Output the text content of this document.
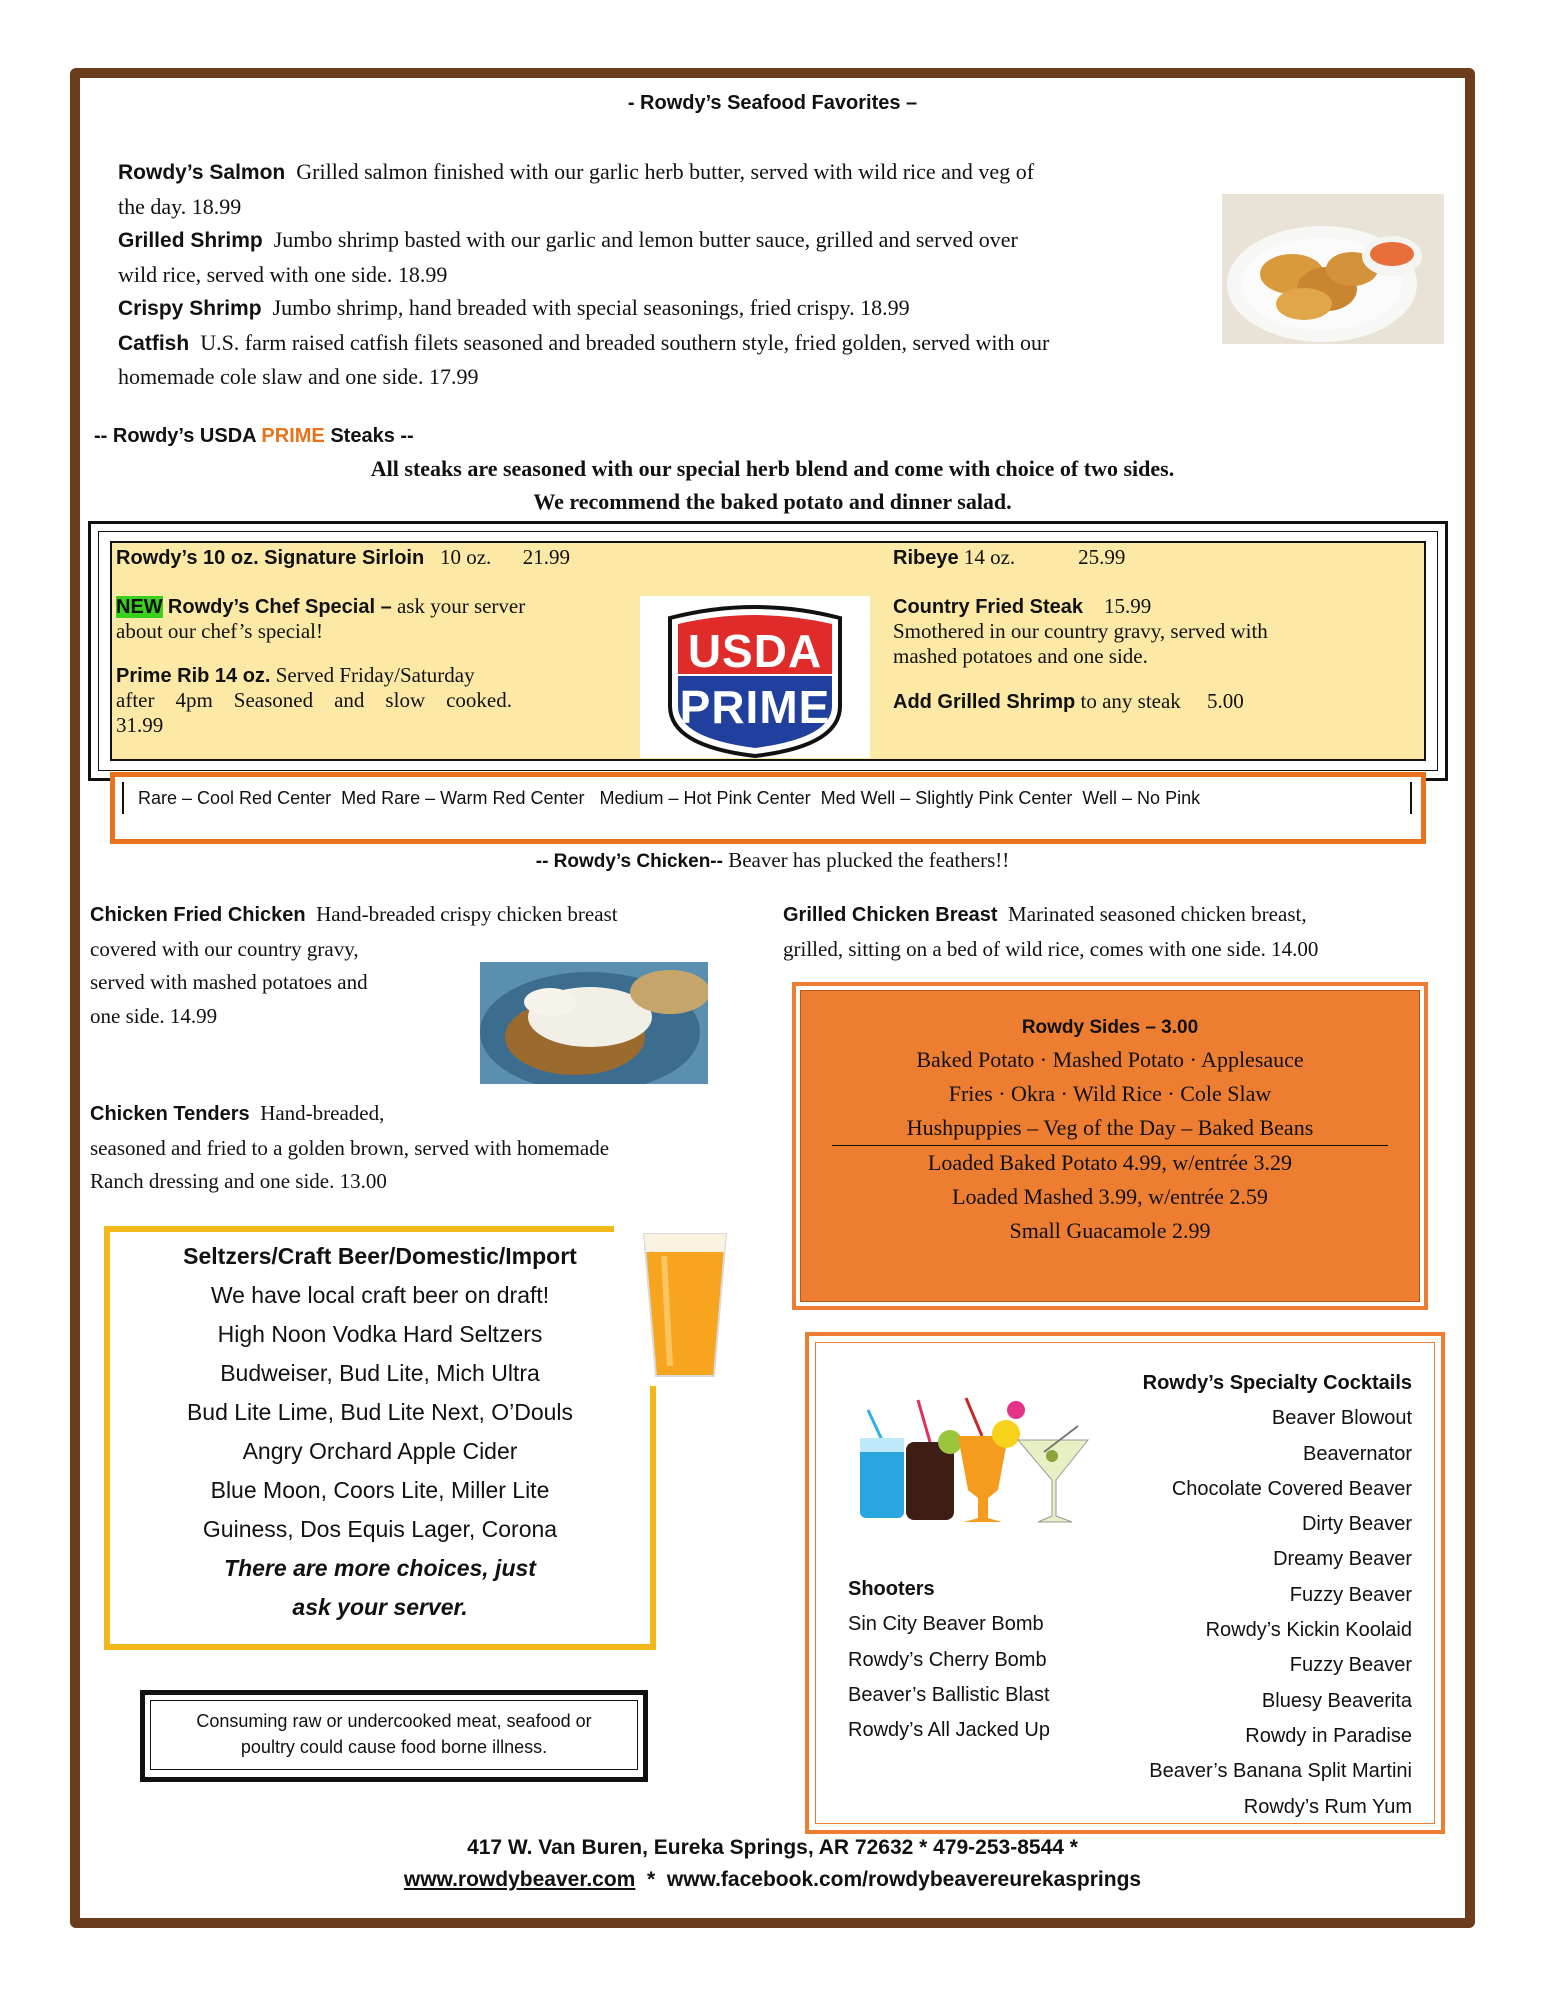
- Rowdy’s Seafood Favorites –
Rowdy’s Salmon Grilled salmon finished with our garlic herb butter, served with wild rice and veg of
the day. 18.99
Grilled Shrimp Jumbo shrimp basted with our garlic and lemon butter sauce, grilled and served over
wild rice, served with one side. 18.99
Crispy Shrimp Jumbo shrimp, hand breaded with special seasonings, fried crispy. 18.99
Catfish U.S. farm raised catfish filets seasoned and breaded southern style, fried golden, served with our
homemade cole slaw and one side. 17.99
-- Rowdy’s USDA PRIME Steaks --
All steaks are seasoned with our special herb blend and come with choice of two sides.
We recommend the baked potato and dinner salad.
Rowdy’s 10 oz. Signature Sirloin 10 oz.      21.99
NEW Rowdy’s Chef Special – ask your server
about our chef’s special!
Prime Rib 14 oz. Served Friday/Saturday
after    4pm    Seasoned    and    slow    cooked.
31.99
USDA
PRIME
Ribeye 14 oz.            25.99
Country Fried Steak 15.99
Smothered in our country gravy, served with
mashed potatoes and one side.
Add Grilled Shrimp to any steak     5.00
Rare – Cool Red Center  Med Rare – Warm Red Center   Medium – Hot Pink Center  Med Well – Slightly Pink Center  Well – No Pink
-- Rowdy’s Chicken-- Beaver has plucked the feathers!!
Chicken Fried Chicken Hand-breaded crispy chicken breast
covered with our country gravy,
served with mashed potatoes and
one side. 14.99
Chicken Tenders Hand-breaded,
seasoned and fried to a golden brown, served with homemade
Ranch dressing and one side. 13.00
Grilled Chicken Breast Marinated seasoned chicken breast,
grilled, sitting on a bed of wild rice, comes with one side. 14.00
Rowdy Sides – 3.00
Baked Potato · Mashed Potato · Applesauce
Fries · Okra · Wild Rice · Cole Slaw
Hushpuppies – Veg of the Day – Baked Beans
Loaded Baked Potato 4.99, w/entrée 3.29
Loaded Mashed 3.99, w/entrée 2.59
Small Guacamole 2.99
Seltzers/Craft Beer/Domestic/Import
We have local craft beer on draft!
High Noon Vodka Hard Seltzers
Budweiser, Bud Lite, Mich Ultra
Bud Lite Lime, Bud Lite Next, O’Douls
Angry Orchard Apple Cider
Blue Moon, Coors Lite, Miller Lite
Guiness, Dos Equis Lager, Corona
There are more choices, just
ask your server.
Consuming raw or undercooked meat, seafood or
poultry could cause food borne illness.
Rowdy’s Specialty Cocktails
Beaver Blowout
Beavernator
Chocolate Covered Beaver
Dirty Beaver
Dreamy Beaver
Fuzzy Beaver
Rowdy’s Kickin Koolaid
Fuzzy Beaver
Bluesy Beaverita
Rowdy in Paradise
Beaver’s Banana Split Martini
Rowdy’s Rum Yum
Shooters
Sin City Beaver Bomb
Rowdy’s Cherry Bomb
Beaver’s Ballistic Blast
Rowdy’s All Jacked Up
417 W. Van Buren, Eureka Springs, AR 72632 * 479-253-8544 *
www.rowdybeaver.com  *  www.facebook.com/rowdybeavereurekasprings
